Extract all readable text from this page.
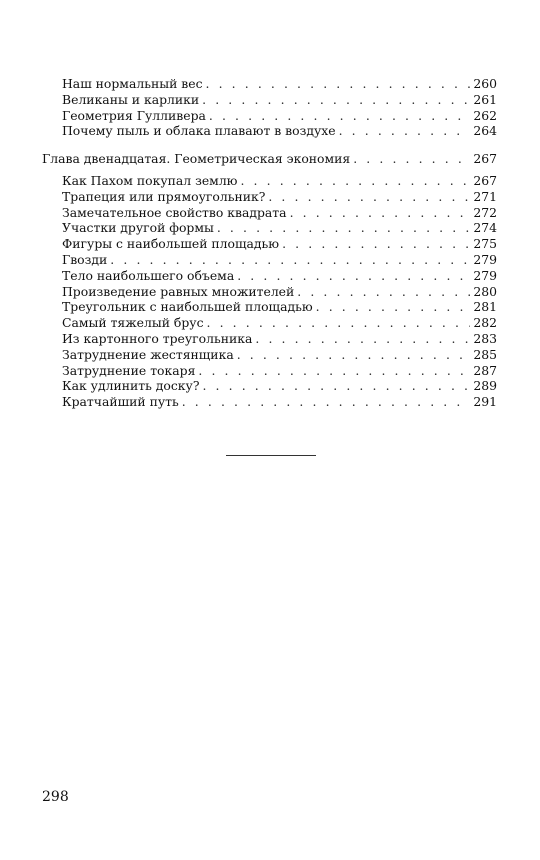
Наш нормальный вес . . .	260
Великаны и карлики . . .	261
Геометрия Гулливера . . .	262
Почему пыль и облака плавают в воздухе . . .	264
Глава двенадцатая. Геометрическая экономия . . .	267
Как Пахом покупал землю . . .	267
Трапеция или прямоугольник? . . .	271
Замечательное свойство квадрата . . .	272
Участки другой формы . . .	274
Фигуры с наибольшей площадью . . .	275
Гвозди . . .	279
Тело наибольшего объема . . .	279
Произведение равных множителей . . .	280
Треугольник с наибольшей площадью . . .	281
Самый тяжелый брус . . .	282
Из картонного треугольника . . .	283
Затруднение жестянщика . . .	285
Затруднение токаря . . .	287
Как удлинить доску? . . .	289
Кратчайший путь . . .	291
298
